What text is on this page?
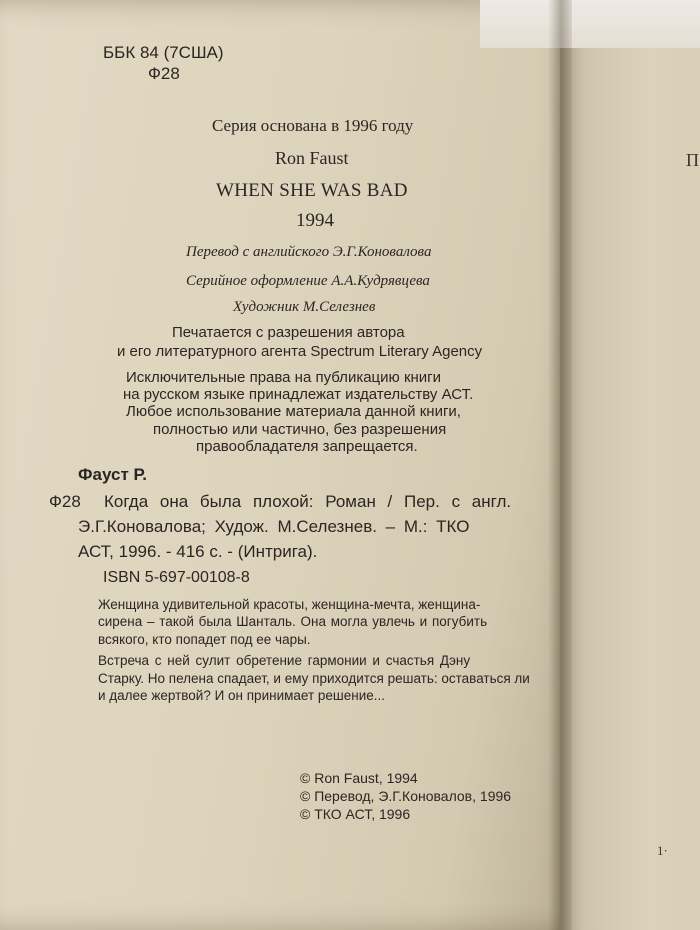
ББК 84 (7США)
Ф28
Серия основана в 1996 году
Ron Faust
WHEN SHE WAS BAD
1994
Перевод с английского Э.Г.Коновалова
Серийное оформление А.А.Кудрявцева
Художник М.Селезнев
Печатается с разрешения автора
и его литературного агента Spectrum Literary Agency
Исключительные права на публикацию книги
на русском языке принадлежат издательству АСТ.
Любое использование материала данной книги,
полностью или частично, без разрешения
правообладателя запрещается.
Фауст Р.
Ф28 Когда она была плохой: Роман / Пер. с англ.
Э.Г.Коновалова; Худож. М.Селезнев. – М.: ТКО
АСТ, 1996. - 416 с. - (Интрига).
ISBN 5-697-00108-8
Женщина удивительной красоты, женщина-мечта, женщина-
сирена – такой была Шанталь. Она могла увлечь и погубить
всякого, кто попадет под ее чары.
Встреча с ней сулит обретение гармонии и счастья Дэну
Старку. Но пелена спадает, и ему приходится решать: оставаться ли
и далее жертвой? И он принимает решение...
© Ron Faust, 1994
© Перевод, Э.Г.Коновалов, 1996
© ТКО АСТ, 1996
П
1·
